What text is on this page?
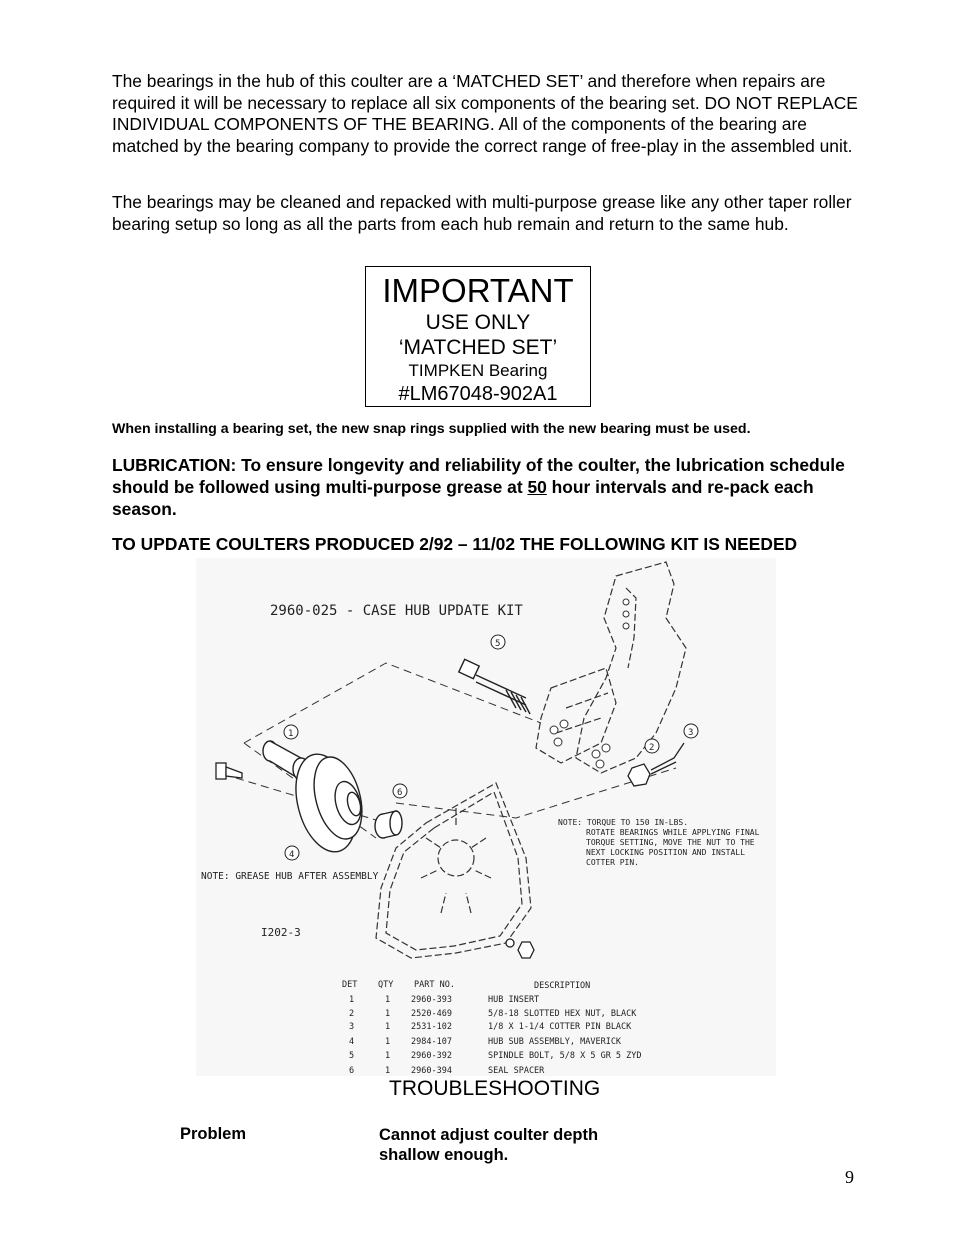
The bearings in the hub of this coulter are a ‘MATCHED SET’ and therefore when repairs are required it will be necessary to replace all six components of the bearing set. DO NOT REPLACE INDIVIDUAL COMPONENTS OF THE BEARING. All of the components of the bearing are matched by the bearing company to provide the correct range of free-play in the assembled unit.

The bearings may be cleaned and repacked with multi-purpose grease like any other taper roller bearing setup so long as all the parts from each hub remain and return to the same hub.

IMPORTANT
USE ONLY
‘MATCHED SET’
TIMPKEN Bearing
#LM67048-902A1
When installing a bearing set, the new snap rings supplied with the new bearing must be used.

LUBRICATION: To ensure longevity and reliability of the coulter, the lubrication schedule should be followed using multi-purpose grease at 50 hour intervals and re-pack each season.

TO UPDATE COULTERS PRODUCED 2/92 – 11/02 THE FOLLOWING KIT IS NEEDED
2960-025 - CASE HUB UPDATE KIT
1
2
3
4
5
6
NOTE: GREASE HUB AFTER ASSEMBLY
NOTE: TORQUE TO 150 IN-LBS.
ROTATE BEARINGS WHILE APPLYING FINAL
TORQUE SETTING, MOVE THE NUT TO THE
NEXT LOCKING POSITION AND INSTALL
COTTER PIN.
I202-3
DET QTY PART NO.	DESCRIPTION
1	1 2960-393	HUB INSERT
2	1 2520-469	5/8-18 SLOTTED HEX NUT, BLACK
3	1 2531-102	1/8 X 1-1/4 COTTER PIN BLACK
4	1 2984-107	HUB SUB ASSEMBLY, MAVERICK
5	1 2960-392	SPINDLE BOLT, 5/8 X 5 GR 5 ZYD
6	1 2960-394	SEAL SPACER
TROUBLESHOOTING
Problem	Cannot adjust coulter depth shallow enough.
9
